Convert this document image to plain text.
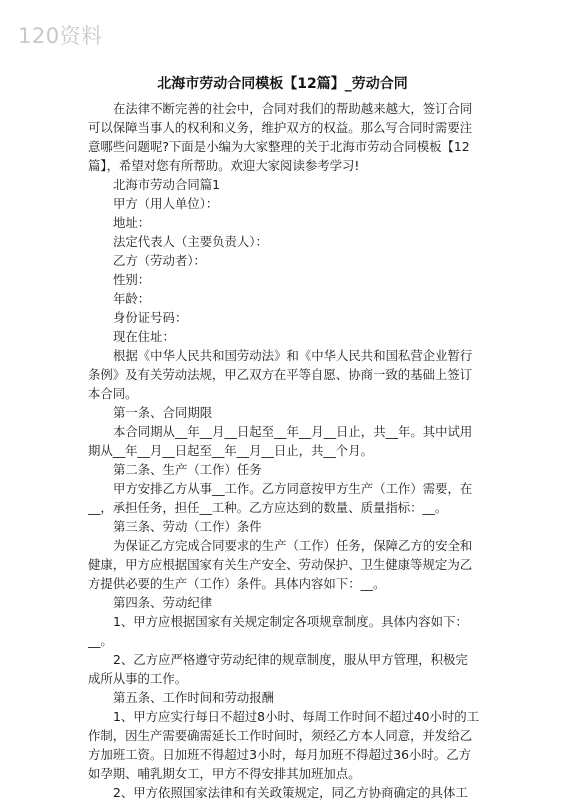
120资料
北海市劳动合同模板【12篇】_劳动合同

在法律不断完善的社会中，合同对我们的帮助越来越大，签订合同可以保障当事人的权利和义务，维护双方的权益。那么写合同时需要注意哪些问题呢?下面是小编为大家整理的关于北海市劳动合同模板【12篇】，希望对您有所帮助。欢迎大家阅读参考学习!

北海市劳动合同篇1

甲方（用人单位）：

地址：

法定代表人（主要负责人）：

乙方（劳动者）：

性别：

年龄：

身份证号码：

现在住址：

根据《中华人民共和国劳动法》和《中华人民共和国私营企业暂行条例》及有关劳动法规，甲乙双方在平等自愿、协商一致的基础上签订本合同。

第一条、合同期限

本合同期从__年__月__日起至__年__月__日止，共__年。其中试用期从__年__月__日起至__年__月__日止，共__个月。

第二条、生产（工作）任务

甲方安排乙方从事__工作。乙方同意按甲方生产（工作）需要，在__，承担任务，担任__工种。乙方应达到的数量、质量指标：__。

第三条、劳动（工作）条件

为保证乙方完成合同要求的生产（工作）任务，保障乙方的安全和健康，甲方应根据国家有关生产安全、劳动保护、卫生健康等规定为乙方提供必要的生产（工作）条件。具体内容如下：__。

第四条、劳动纪律

1、甲方应根据国家有关规定制定各项规章制度。具体内容如下：__。

2、乙方应严格遵守劳动纪律的规章制度，服从甲方管理，积极完成所从事的工作。

第五条、工作时间和劳动报酬

1、甲方应实行每日不超过8小时、每周工作时间不超过40小时的工作制，因生产需要确需延长工作时间时，须经乙方本人同意，并发给乙方加班工资。日加班不得超过3小时，每月加班不得超过36小时。乙方如孕期、哺乳期女工，甲方不得安排其加班加点。

2、甲方依照国家法律和有关政策规定，同乙方协商确定的具体工
